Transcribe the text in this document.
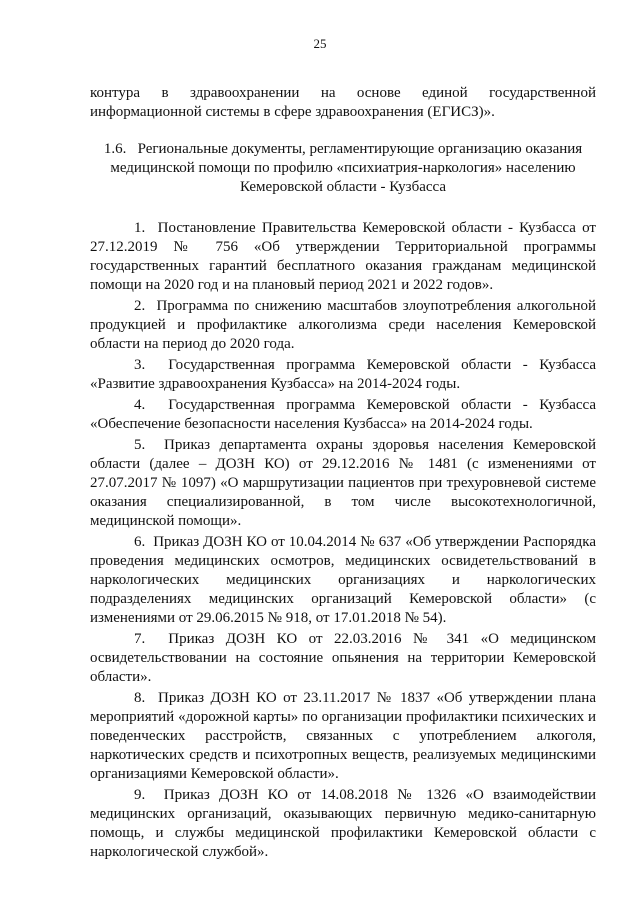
25

контура в здравоохранении на основе единой государственной информационной системы в сфере здравоохранения (ЕГИСЗ)».

1.6. Региональные документы, регламентирующие организацию оказания медицинской помощи по профилю «психиатрия-наркология» населению Кемеровской области - Кузбасса

1. Постановление Правительства Кемеровской области - Кузбасса от 27.12.2019 № 756 «Об утверждении Территориальной программы государственных гарантий бесплатного оказания гражданам медицинской помощи на 2020 год и на плановый период 2021 и 2022 годов».

2. Программа по снижению масштабов злоупотребления алкогольной продукцией и профилактике алкоголизма среди населения Кемеровской области на период до 2020 года.

3. Государственная программа Кемеровской области - Кузбасса «Развитие здравоохранения Кузбасса» на 2014-2024 годы.

4. Государственная программа Кемеровской области - Кузбасса «Обеспечение безопасности населения Кузбасса» на 2014-2024 годы.

5. Приказ департамента охраны здоровья населения Кемеровской области (далее – ДОЗН КО) от 29.12.2016 № 1481 (с изменениями от 27.07.2017 № 1097) «О маршрутизации пациентов при трехуровневой системе оказания специализированной, в том числе высокотехнологичной, медицинской помощи».

6. Приказ ДОЗН КО от 10.04.2014 № 637 «Об утверждении Распорядка проведения медицинских осмотров, медицинских освидетельствований в наркологических медицинских организациях и наркологических подразделениях медицинских организаций Кемеровской области» (с изменениями от 29.06.2015 № 918, от 17.01.2018 № 54).

7. Приказ ДОЗН КО от 22.03.2016 № 341 «О медицинском освидетельствовании на состояние опьянения на территории Кемеровской области».

8. Приказ ДОЗН КО от 23.11.2017 № 1837 «Об утверждении плана мероприятий «дорожной карты» по организации профилактики психических и поведенческих расстройств, связанных с употреблением алкоголя, наркотических средств и психотропных веществ, реализуемых медицинскими организациями Кемеровской области».

9. Приказ ДОЗН КО от 14.08.2018 № 1326 «О взаимодействии медицинских организаций, оказывающих первичную медико-санитарную помощь, и службы медицинской профилактики Кемеровской области с наркологической службой».
